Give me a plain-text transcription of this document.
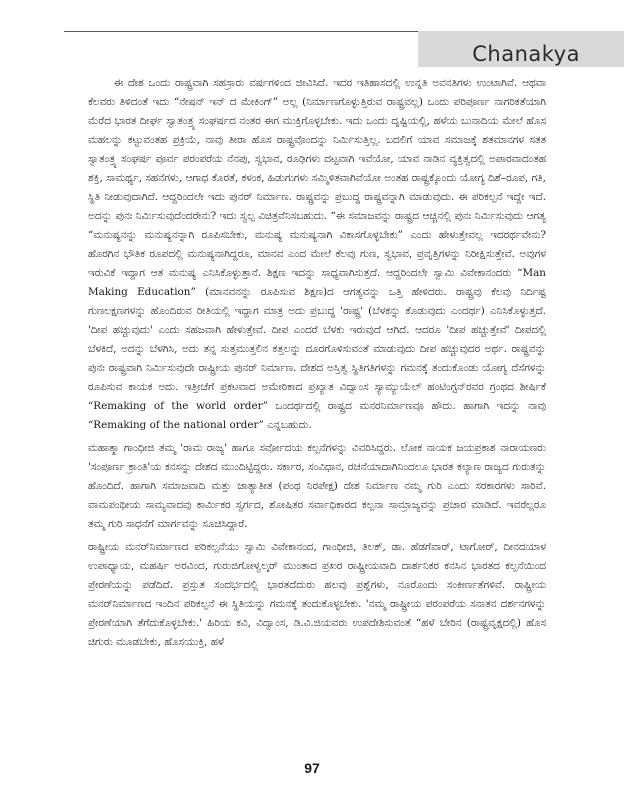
Chanakya

ಈ ದೇಶ ಒಂದು ರಾಷ್ಟ್ರವಾಗಿ ಸಹಸ್ರಾರು ವರ್ಷಗಳಿಂದ ಜೀವಿಸಿದೆ. ಇದರ ಇತಿಹಾಸದಲ್ಲಿ ಉನ್ನತಿ ಅವನತಿಗಳು ಉಂಟಾಗಿವೆ. ಆಥವಾ ಕೆಲವರು ತಿಳಿದಂತೆ ಇದು “ನೇಷನ್ ಇನ್ ದ ಮೇಕಿಂಗ್” ಅಲ್ಲ (ನಿರ್ಮಾಣಗೊಳ್ಳುತ್ತಿರುವ ರಾಷ್ಟ್ರವಲ್ಲ) ಒಂದು ಪರಿಪೂರ್ಣ ನಾಗರಿಕತೆಯಾಗಿ ಮೆರೆದ ಭಾರತ ದೀರ್ಘ ಸ್ವಾತಂತ್ರ್ಯ ಸಂಘರ್ಷದ ನಂತರ ಈಗ ಮುಕ್ತಿಗೊಳ್ಳಬೇಕು. ಇದು ಒಂದು ದೃಷ್ಟಿಯಲ್ಲಿ, ಹಳೆಯ ಬುನಾದಿಯ ಮೇಲೆ ಹೊಸ ಮಹಲನ್ನು ಕಟ್ಟುವಂತಹ ಪ್ರಕ್ರಿಯೆ, ನಾವು ತೀರಾ ಹೊಸ ರಾಷ್ಟ್ರವೊಂದನ್ನು ನಿರ್ಮಿಸುತ್ತಿಲ್ಲ. ಬದಲಿಗೆ ಯಾವ ಸಮಾಜಕ್ಕೆ ಶತಮಾನಗಳ ಸತತ ಸ್ವಾತಂತ್ರ್ಯ ಸಂಘರ್ಷ ಪೂರ್ವ ಪರಂಪರೆಯ ನೆನಪು, ಸ್ವಭಾವ, ರೂಢಿಗಳು ದಟ್ಟವಾಗಿ ಇವೆಯೋ, ಯಾವ ನಾಡಿನ ವ್ಯಕ್ತಿತ್ವದಲ್ಲಿ ಅಪಾರವಾದಂತಹ ಶಕ್ತಿ, ಸಾಮರ್ಥ್ಯ, ಸಹನೆಗಳು, ಆಗಾಧ ಕೊರತೆ, ಕಳಂಕ, ಹಿಡುಗುಗಳು ಸಮ್ಮಿಳಿತವಾಗಿವೆಯೋ ಅಂತಹ ರಾಷ್ಟ್ರಕ್ಕೊಂದು ಯೋಗ್ಯ ದಿಶೆ–ರೂಪ, ಗತಿ, ಸ್ಥಿತಿ ನೀಡುವುದಾಗಿದೆ. ಆದ್ದರಿಂದಲೇ ಇದು ಪುನರ್ ನಿರ್ಮಾಣ. ರಾಷ್ಟ್ರವನ್ನು ಪ್ರಬುದ್ಧ ರಾಷ್ಟ್ರವನ್ನಾಗಿ ಮಾಡುವುದು. ಈ ಪರಿಕಲ್ಪನೆ ಇದ್ದೇ ಇದೆ. ಅದನ್ನು ಪುನಃ ನಿರ್ಮಿಸುವುದೆಂದರೇನು? ಇದು ಸ್ವಲ್ಪ ವಿಚಿತ್ರವೆನಿಸಬಹುದು. “ಈ ಸಮಾಜವನ್ನು ರಾಷ್ಟ್ರದ ಆಚ್ಚಿನಲ್ಲಿ ಪುನಃ ನಿರ್ಮಿಸುವುದು ಆಗತ್ಯ “ಮನುಷ್ಯನನ್ನು ಮನುಷ್ಯನನ್ನಾಗಿ ರೂಪಿಸಬೇಕು, ಮನುಷ್ಯ ಮನುಷ್ಯನಾಗಿ ವಿಕಾಸಗೊಳ್ಳಬೇಕು” ಎಂದು ಹೇಳುತ್ತೇವಲ್ಲ ಇದರರ್ಥವೇನು? ಹೊರಗಿನ ಭೌತಿಕ ರೂಪದಲ್ಲಿ ಮನುಷ್ಯನಾಗಿದ್ದರೂ, ಮಾನವ ಎಂದ ಮೇಲೆ ಕೆಲವು ಗುಣ, ಸ್ವಭಾವ, ಪ್ರವೃತ್ತಿಗಳನ್ನು ನಿರೀಕ್ಷಿಸುತ್ತೇವೆ. ಅವುಗಳ ಇರುವಿಕೆ ಇದ್ದಾಗ ಆತ ಮನುಷ್ಯ ಎನಿಸಿಕೊಳ್ಳುತ್ತಾನೆ. ಶಿಕ್ಷಣ ಇದನ್ನು ಸಾಧ್ಯವಾಗಿಸುತ್ತದೆ. ಆದ್ದರಿಂದಲೇ ಸ್ವಾಮಿ ವಿವೇಕಾನಂದರು “Man Making Education” (ಮಾನವನನ್ನು ರೂಪಿಸುವ ಶಿಕ್ಷಣ)ದ ಆಗತ್ಯವನ್ನು ಒತ್ತಿ ಹೇಳಿದರು. ರಾಷ್ಟ್ರವು ಕೆಲವು ನಿರ್ದಿಷ್ಟ ಗುಣಲಕ್ಷಣಗಳನ್ನು ಹೊಂದಿರುವ ರೀತಿಯಲ್ಲಿ ಇದ್ದಾಗ ಮಾತ್ರ ಅದು ಪ್ರಬುದ್ಧ 'ರಾಷ್ಟ್ರ' (ಬೆಳಕನ್ನು ಕೊಡುವುದು ಎಂದರ್ಥ) ಎನಿಸಿಕೊಳ್ಳುತ್ತದೆ. 'ದೀಪ ಹಚ್ಚುವುದು' ಎಂದು ಸಹಜವಾಗಿ ಹೇಳುತ್ತೇವೆ. ದೀಪ ಎಂದರೆ ಬೆಳಕು ಇರುವುದೆ ಆಗಿದೆ. ಆದರೂ 'ದೀಪ ಹಚ್ಚುತ್ತೇವೆ' ದೀಪದಲ್ಲಿ ಬೆಳಕಿದೆ, ಅದನ್ನು ಬೆಳಗಿಸಿ, ಅದು ತನ್ನ ಸುತ್ತಮುತ್ತಲಿನ ಕತ್ತಲನ್ನು ದೂರಗೊಳಿಸುವಂತೆ ಮಾಡುವುದು ದೀಪ ಹಚ್ಚುವುದರ ಅರ್ಥ. ರಾಷ್ಟ್ರವನ್ನು ಪುನಃ ರಾಷ್ಟ್ರವಾಗಿ ನಿರ್ಮಿಸುವುದೇ ರಾಷ್ಟ್ರೀಯ ಪುನರ್ ನಿರ್ಮಾಣ. ದೇಶದ ಅಸ್ತಿತ್ವ ಸ್ಥಿತಿಗತಿಗಳನ್ನು ಗಮನಕ್ಕೆ ತಂದುಕೊಂಡು ಯೋಗ್ಯ ದೆಸೆಗಳನ್ನು ರೂಪಿಸುವ ಕಾಯಕ ಅದು. ಇತ್ತೀಚೆಗೆ ಪ್ರಕಟವಾದ ಅಮೇರಿಕಾದ ಪ್ರಖ್ಯಾತ ವಿದ್ವಾಂಸ ಸ್ಯಾಮ್ಯುಯೆಲ್ ಹಂಟಿಂಗ್ಟನ್‌ರವರ ಗ್ರಂಥದ ಶೀರ್ಷಿಕೆ “Remaking of the world order” ಒಂದರ್ಥದಲ್ಲಿ ರಾಷ್ಟ್ರದ ಮನರನಿರ್ಮಾಣವೂ ಹೌದು. ಹಾಗಾಗಿ ಇದನ್ನು ನಾವು “Remaking of the national order” ಎನ್ನಬಹುದು.

ಮಹಾತ್ಮಾ ಗಾಂಧೀಜಿ ತಮ್ಮ 'ರಾಮ ರಾಜ್ಯ' ಹಾಗೂ ಸರ್ವೋದಯ ಕಲ್ಪನೆಗಳನ್ನು ವಿವರಿಸಿದ್ದರು. ಲೋಕ ನಾಯಕ ಜಯಪ್ರಕಾಶ ನಾರಾಯಣರು 'ಸಂಪೂರ್ಣ ಕ್ರಾಂತಿ'ಯ ಕನಸನ್ನು ದೇಶದ ಮುಂದಿಟ್ಟಿದ್ದರು. ಸರ್ಕಾರ, ಸಂವಿಧಾನ, ರಚನೆಯಾದಾಗಿನಿಂದಲೂ ಭಾರತ ಕಲ್ಯಾಣ ರಾಜ್ಯದ ಗುರುತನ್ನು ಹೊಂದಿದೆ. ಹಾಗಾಗಿ ಸಮಾಜವಾದಿ ಮತ್ತು ಜಾತ್ಯಾತೀತ (ಪಂಥ ನಿರಪೇಕ್ಷ) ದೇಶ ನಿರ್ಮಾಣ ನಮ್ಮ ಗುರಿ ಎಂದು ಸರಕಾರಗಳು ಸಾರಿವೆ. ವಾಮಪಂಥೀಯ ಸಾಮ್ಯವಾದವು ಕಾರ್ಮಿಕರ ಸ್ವರ್ಗದ, ಶೋಷಿತರ ಸರ್ವಾಧಿಕಾರದ ಕಲ್ಪನಾ ಸಾಮ್ರಾಜ್ಯವನ್ನು ಪ್ರಚಾರ ಮಾಡಿದೆ. ಇವರೆಲ್ಲರೂ ತಮ್ಮ ಗುರಿ ಸಾಧನೆಗೆ ಮಾರ್ಗವನ್ನು ಸೂಚಿಸಿದ್ದಾರೆ.

ರಾಷ್ಟ್ರೀಯ ಮನರ್‌ನಿರ್ಮಾಣದ ಪರಿಕಲ್ಪನೆಯು ಸ್ವಾಮಿ ವಿವೇಕಾನಂದ, ಗಾಂಧೀಜಿ, ತಿಲಕ್, ಡಾ. ಹೆಡಗೆವಾರ್, ಟಾಗೋರ್, ದೀನದಯಾಳ ಉಪಾಧ್ಯಾಯ, ಮಹರ್ಷಿ ಅರವಿಂದ, ಗುರುಜಿಗೋಳ್ವಲ್ಕರ್ ಮುಂತಾದ ಪ್ರಖರ ರಾಷ್ಟ್ರೀಯವಾದಿ ದಾರ್ಶನಿಕರ ಕನಸಿನ ಭಾರತದ ಕಲ್ಪನೆಯಿಂದ ಪ್ರೇರಣೆಯನ್ನು ಪಡೆದಿದೆ. ಪ್ರಸ್ತುತ ಸಂದರ್ಭದಲ್ಲಿ ಭಾರತದೆದುರು ಹಲವು ಪ್ರಶ್ನೆಗಳು, ನೂರೊಂದು ಸಂಕೀರ್ಣತೆಗಳಿವೆ. ರಾಷ್ಟ್ರೀಯ ಮನರ್‌ನಿರ್ಮಾಣದ ಇಂದಿನ ಪರಿಕಲ್ಪನೆ ಈ ಸ್ಥಿತಿಯನ್ನು ಗಮನಕ್ಕೆ ತಂದುಕೊಳ್ಳಬೇಕು. 'ನಮ್ಮ ರಾಷ್ಟ್ರೀಯ ಪರಂಪರೆಯ ಸನಾತನ ದರ್ಶನಗಳನ್ನು ಪ್ರೇರಣೆಯಾಗಿ ತೆಗೆದುಕೊಳ್ಳಬೇಕು.' ಹಿರಿಯ ಕವಿ, ವಿದ್ವಾಂಸ, ಡಿ.ವಿ.ಜಿಯವರು ಉಪದೇಶಿಸುವಂತೆ “ಹಳೆ ಬೇರಿನ (ರಾಷ್ಟ್ರವೃಕ್ಷದಲ್ಲಿ) ಹೊಸ ಚಿಗುರು ಮೂಡಬೇಕು, ಹೊಸಯುಕ್ತಿ, ಹಳೆ

97
